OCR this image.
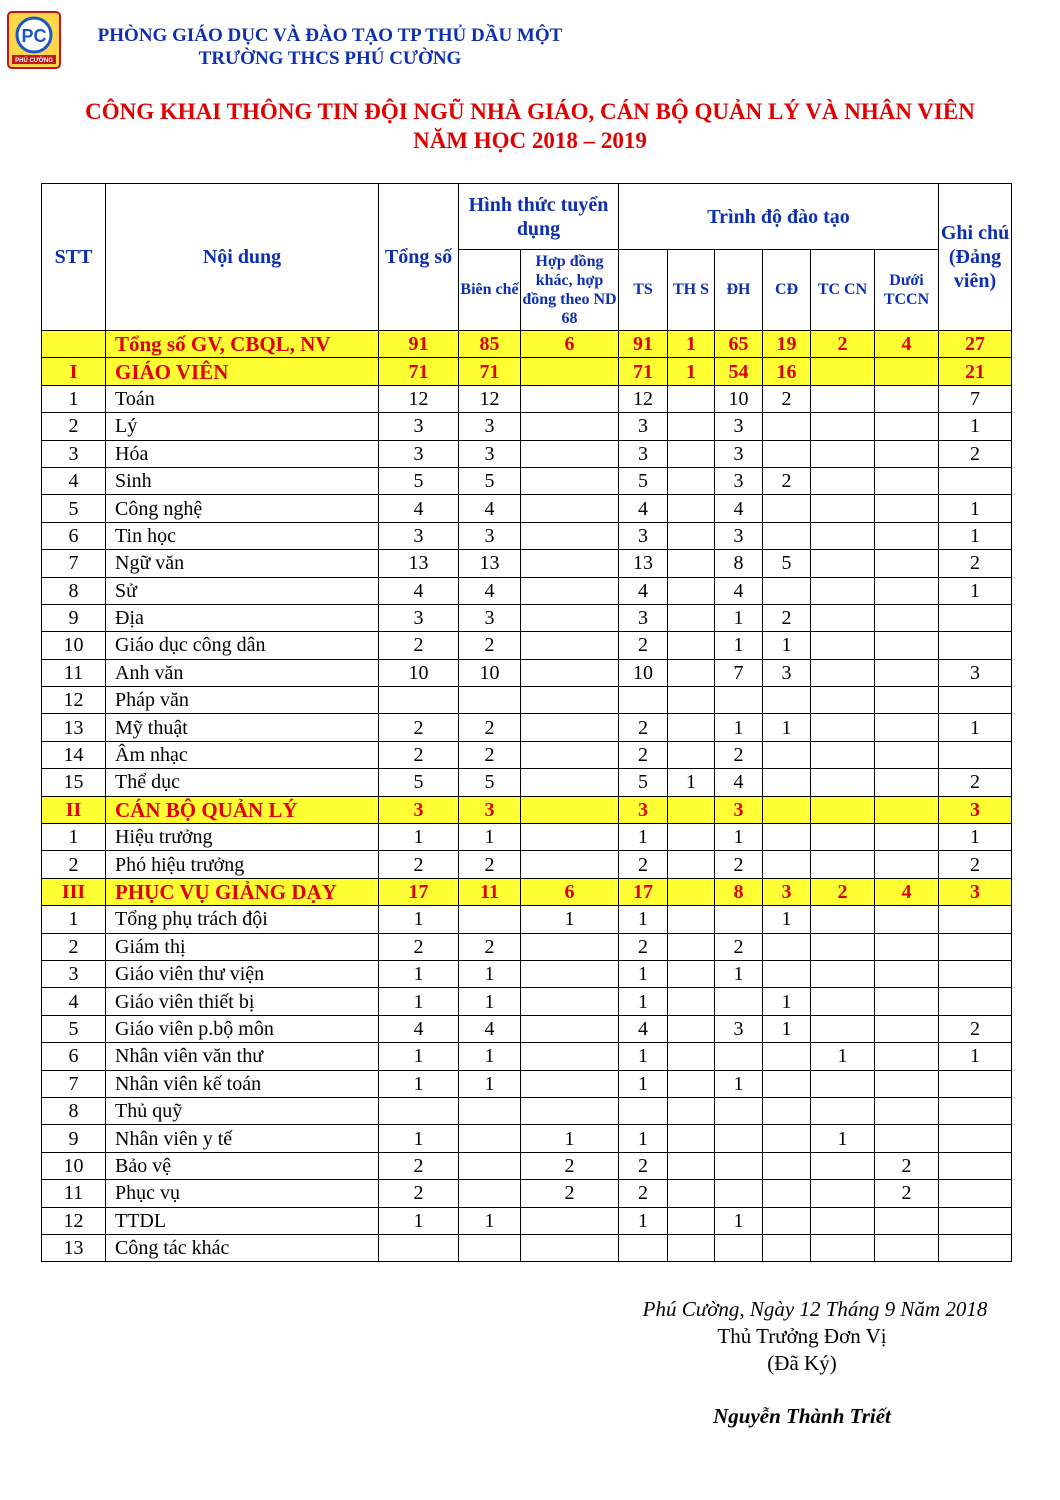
PC
PHÚ CƯỜNG
PHÒNG GIÁO DỤC VÀ ĐÀO TẠO TP THỦ DẦU MỘT
TRƯỜNG THCS PHÚ CƯỜNG
CÔNG KHAI THÔNG TIN ĐỘI NGŨ NHÀ GIÁO, CÁN BỘ QUẢN LÝ VÀ NHÂN VIÊN
NĂM HỌC 2018 – 2019
STT	Nội dung	Tổng số	Hình thức tuyển dụng		Trình độ đào tạo						Ghi chú (Đảng viên)
			Biên chế	Hợp đồng khác, hợp đồng theo ND 68	TS	TH S	ĐH	CĐ	TC CN	Dưới TCCN	
	Tổng số GV, CBQL, NV	91	85	6	91	1	65	19	2	4	27
I	GIÁO VIÊN	71	71		71	1	54	16			21
1	Toán	12	12		12		10	2			7
2	Lý	3	3		3		3				1
3	Hóa	3	3		3		3				2
4	Sinh	5	5		5		3	2			
5	Công nghệ	4	4		4		4				1
6	Tin học	3	3		3		3				1
7	Ngữ văn	13	13		13		8	5			2
8	Sử	4	4		4		4				1
9	Địa	3	3		3		1	2			
10	Giáo dục công dân	2	2		2		1	1			
11	Anh văn	10	10		10		7	3			3
12	Pháp văn										
13	Mỹ thuật	2	2		2		1	1			1
14	Âm nhạc	2	2		2		2				
15	Thể dục	5	5		5	1	4				2
II	CÁN BỘ QUẢN LÝ	3	3		3		3				3
1	Hiệu trưởng	1	1		1		1				1
2	Phó hiệu trưởng	2	2		2		2				2
III	PHỤC VỤ GIẢNG DẠY	17	11	6	17		8	3	2	4	3
1	Tổng phụ trách đội	1		1	1			1			
2	Giám thị	2	2		2		2				
3	Giáo viên thư viện	1	1		1		1				
4	Giáo viên thiết bị	1	1		1			1			
5	Giáo viên p.bộ môn	4	4		4		3	1			2
6	Nhân viên văn thư	1	1		1				1		1
7	Nhân viên kế toán	1	1		1		1				
8	Thủ quỹ										
9	Nhân viên y tế	1		1	1				1		
10	Bảo vệ	2		2	2					2	
11	Phục vụ	2		2	2					2	
12	TTDL	1	1		1		1				
13	Công tác khác										
Phú Cường, Ngày 12 Tháng 9 Năm 2018
Thủ Trưởng Đơn Vị
(Đã Ký)
Nguyễn Thành Triết
